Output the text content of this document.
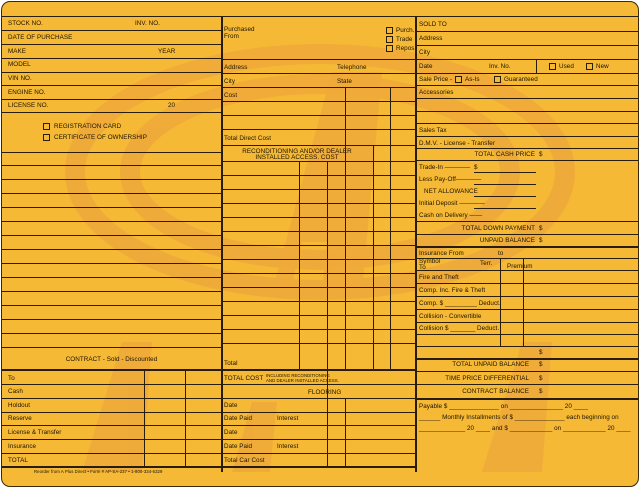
STOCK NO.	INV. NO.
DATE OF PURCHASE
MAKE	YEAR
MODEL
VIN NO.
ENGINE NO.
LICENSE NO.	20
REGISTRATION CARD
CERTIFICATE OF OWNERSHIP
CONTRACT - Sold - Discounted
To
Cash
Holdout
Reserve
License & Transfer
Insurance
TOTAL
Reorder from A Plus Direct • Form # AP-SA-237 • 1-800-334-6329
Purchased
From
Purch.
Trade
Repos.
Address	Telephone
City	State
Cost
Total Direct Cost
RECONDITIONING AND/OR DEALER
INSTALLED ACCESS. COST
Total
TOTAL COST INCLUDING RECONDITIONING
AND DEALER INSTALLED ACCESS.
FLOORING
Date
Date Paid	Interest
Date
Date Paid	Interest
Total Car Cost
SOLD TO
Address
City
Date	Inv. No.	Used	New
Sale Price - As-Is	Guaranteed
Accessories
Sales Tax
D.M.V. - License - Transfer
TOTAL CASH PRICE $
Trade-In ———— $
Less Pay-Off————
NET ALLOWANCE
Initial Deposit ————
Cash on Delivery ——
TOTAL DOWN PAYMENT $
UNPAID BALANCE $
Insurance From	to
Symbol
To
Terr. Premium
Fire and Theft
Comp. Inc. Fire & Theft
Comp. $ _________ Deduct.
Collision - Convertible
Collision $ _______ Deduct.
$
TOTAL UNPAID BALANCE $
TIME PRICE DIFFERENTIAL $
CONTRACT BALANCE $
Payable $ ______________ on _______________ 20 ____
______ Monthly Installments of $ ______________ each beginning on
_____________ 20 ____ and $ ____________ on ____________ 20 ____
